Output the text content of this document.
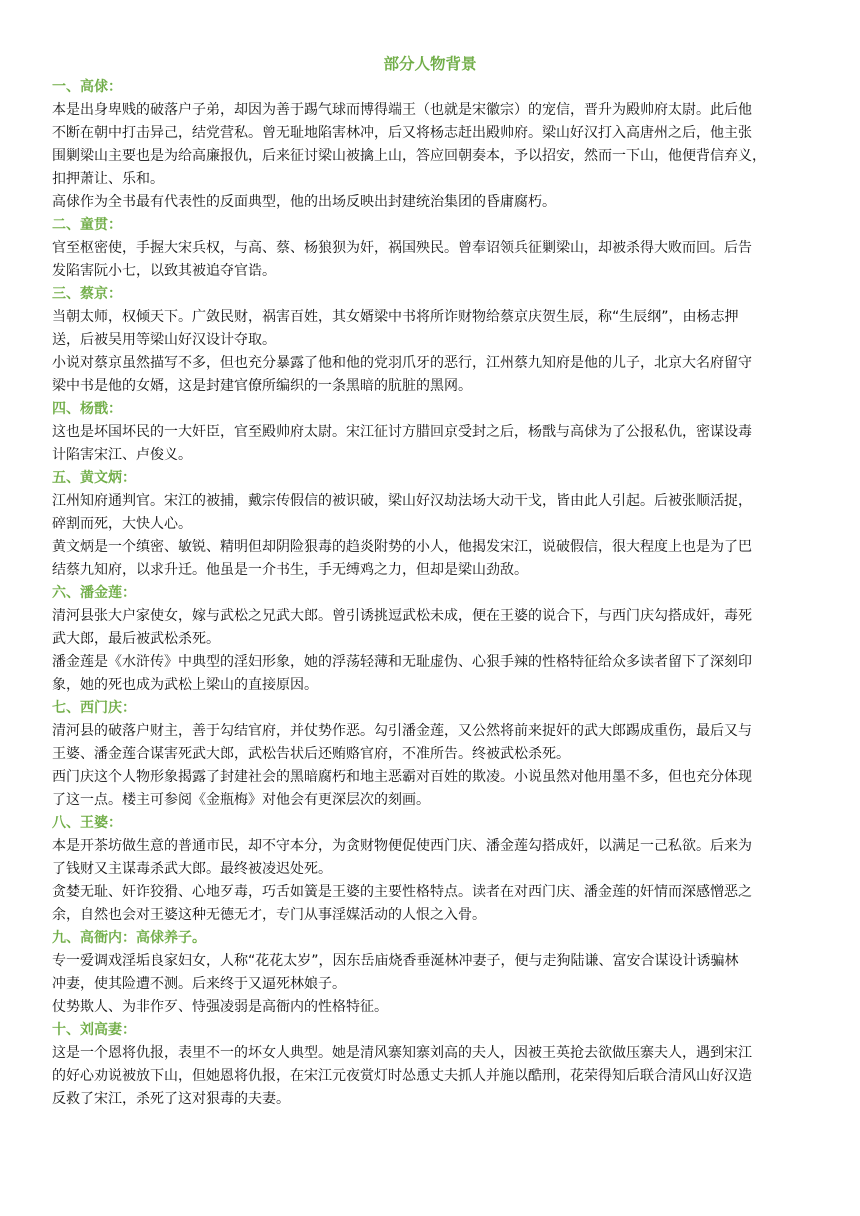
部分人物背景
一、高俅：
本是出身卑贱的破落户子弟，却因为善于踢气球而博得端王（也就是宋徽宗）的宠信，晋升为殿帅府太尉。此后他
不断在朝中打击异己，结党营私。曾无耻地陷害林冲，后又将杨志赶出殿帅府。梁山好汉打入高唐州之后，他主张
围剿梁山主要也是为给高廉报仇，后来征讨梁山被擒上山，答应回朝奏本，予以招安，然而一下山，他便背信弃义，
扣押萧让、乐和。
高俅作为全书最有代表性的反面典型，他的出场反映出封建统治集团的昏庸腐朽。
二、童贯：
官至枢密使，手握大宋兵权，与高、蔡、杨狼狈为奸，祸国殃民。曾奉诏领兵征剿梁山，却被杀得大败而回。后告
发陷害阮小七，以致其被追夺官诰。
三、蔡京：
当朝太师，权倾天下。广敛民财，祸害百姓，其女婿梁中书将所诈财物给蔡京庆贺生辰，称“生辰纲”，由杨志押
送，后被吴用等梁山好汉设计夺取。
小说对蔡京虽然描写不多，但也充分暴露了他和他的党羽爪牙的恶行，江州蔡九知府是他的儿子，北京大名府留守
梁中书是他的女婿，这是封建官僚所编织的一条黑暗的肮脏的黑网。
四、杨戬：
这也是坏国坏民的一大奸臣，官至殿帅府太尉。宋江征讨方腊回京受封之后，杨戬与高俅为了公报私仇，密谋设毒
计陷害宋江、卢俊义。
五、黄文炳：
江州知府通判官。宋江的被捕，戴宗传假信的被识破，梁山好汉劫法场大动干戈，皆由此人引起。后被张顺活捉，
碎割而死，大快人心。
黄文炳是一个缜密、敏锐、精明但却阴险狠毒的趋炎附势的小人，他揭发宋江，说破假信，很大程度上也是为了巴
结蔡九知府，以求升迁。他虽是一介书生，手无缚鸡之力，但却是梁山劲敌。
六、潘金莲：
清河县张大户家使女，嫁与武松之兄武大郎。曾引诱挑逗武松未成，便在王婆的说合下，与西门庆勾搭成奸，毒死
武大郎，最后被武松杀死。
潘金莲是《水浒传》中典型的淫妇形象，她的浮荡轻薄和无耻虚伪、心狠手辣的性格特征给众多读者留下了深刻印
象，她的死也成为武松上梁山的直接原因。
七、西门庆：
清河县的破落户财主，善于勾结官府，并仗势作恶。勾引潘金莲，又公然将前来捉奸的武大郎踢成重伤，最后又与
王婆、潘金莲合谋害死武大郎，武松告状后还贿赂官府，不准所告。终被武松杀死。
西门庆这个人物形象揭露了封建社会的黑暗腐朽和地主恶霸对百姓的欺凌。小说虽然对他用墨不多，但也充分体现
了这一点。楼主可参阅《金瓶梅》对他会有更深层次的刻画。
八、王婆：
本是开茶坊做生意的普通市民，却不守本分，为贪财物便促使西门庆、潘金莲勾搭成奸，以满足一己私欲。后来为
了钱财又主谋毒杀武大郎。最终被凌迟处死。
贪婪无耻、奸诈狡猾、心地歹毒，巧舌如簧是王婆的主要性格特点。读者在对西门庆、潘金莲的奸情而深感憎恶之
余，自然也会对王婆这种无德无才，专门从事淫媒活动的人恨之入骨。
九、高衙内：高俅养子。
专一爱调戏淫垢良家妇女，人称“花花太岁”，因东岳庙烧香垂涎林冲妻子，便与走狗陆谦、富安合谋设计诱骗林
冲妻，使其险遭不测。后来终于又逼死林娘子。
仗势欺人、为非作歹、恃强凌弱是高衙内的性格特征。
十、刘高妻：
这是一个恩将仇报，表里不一的坏女人典型。她是清风寨知寨刘高的夫人，因被王英抢去欲做压寨夫人，遇到宋江
的好心劝说被放下山，但她恩将仇报，在宋江元夜赏灯时怂恿丈夫抓人并施以酷刑，花荣得知后联合清风山好汉造
反救了宋江，杀死了这对狠毒的夫妻。
